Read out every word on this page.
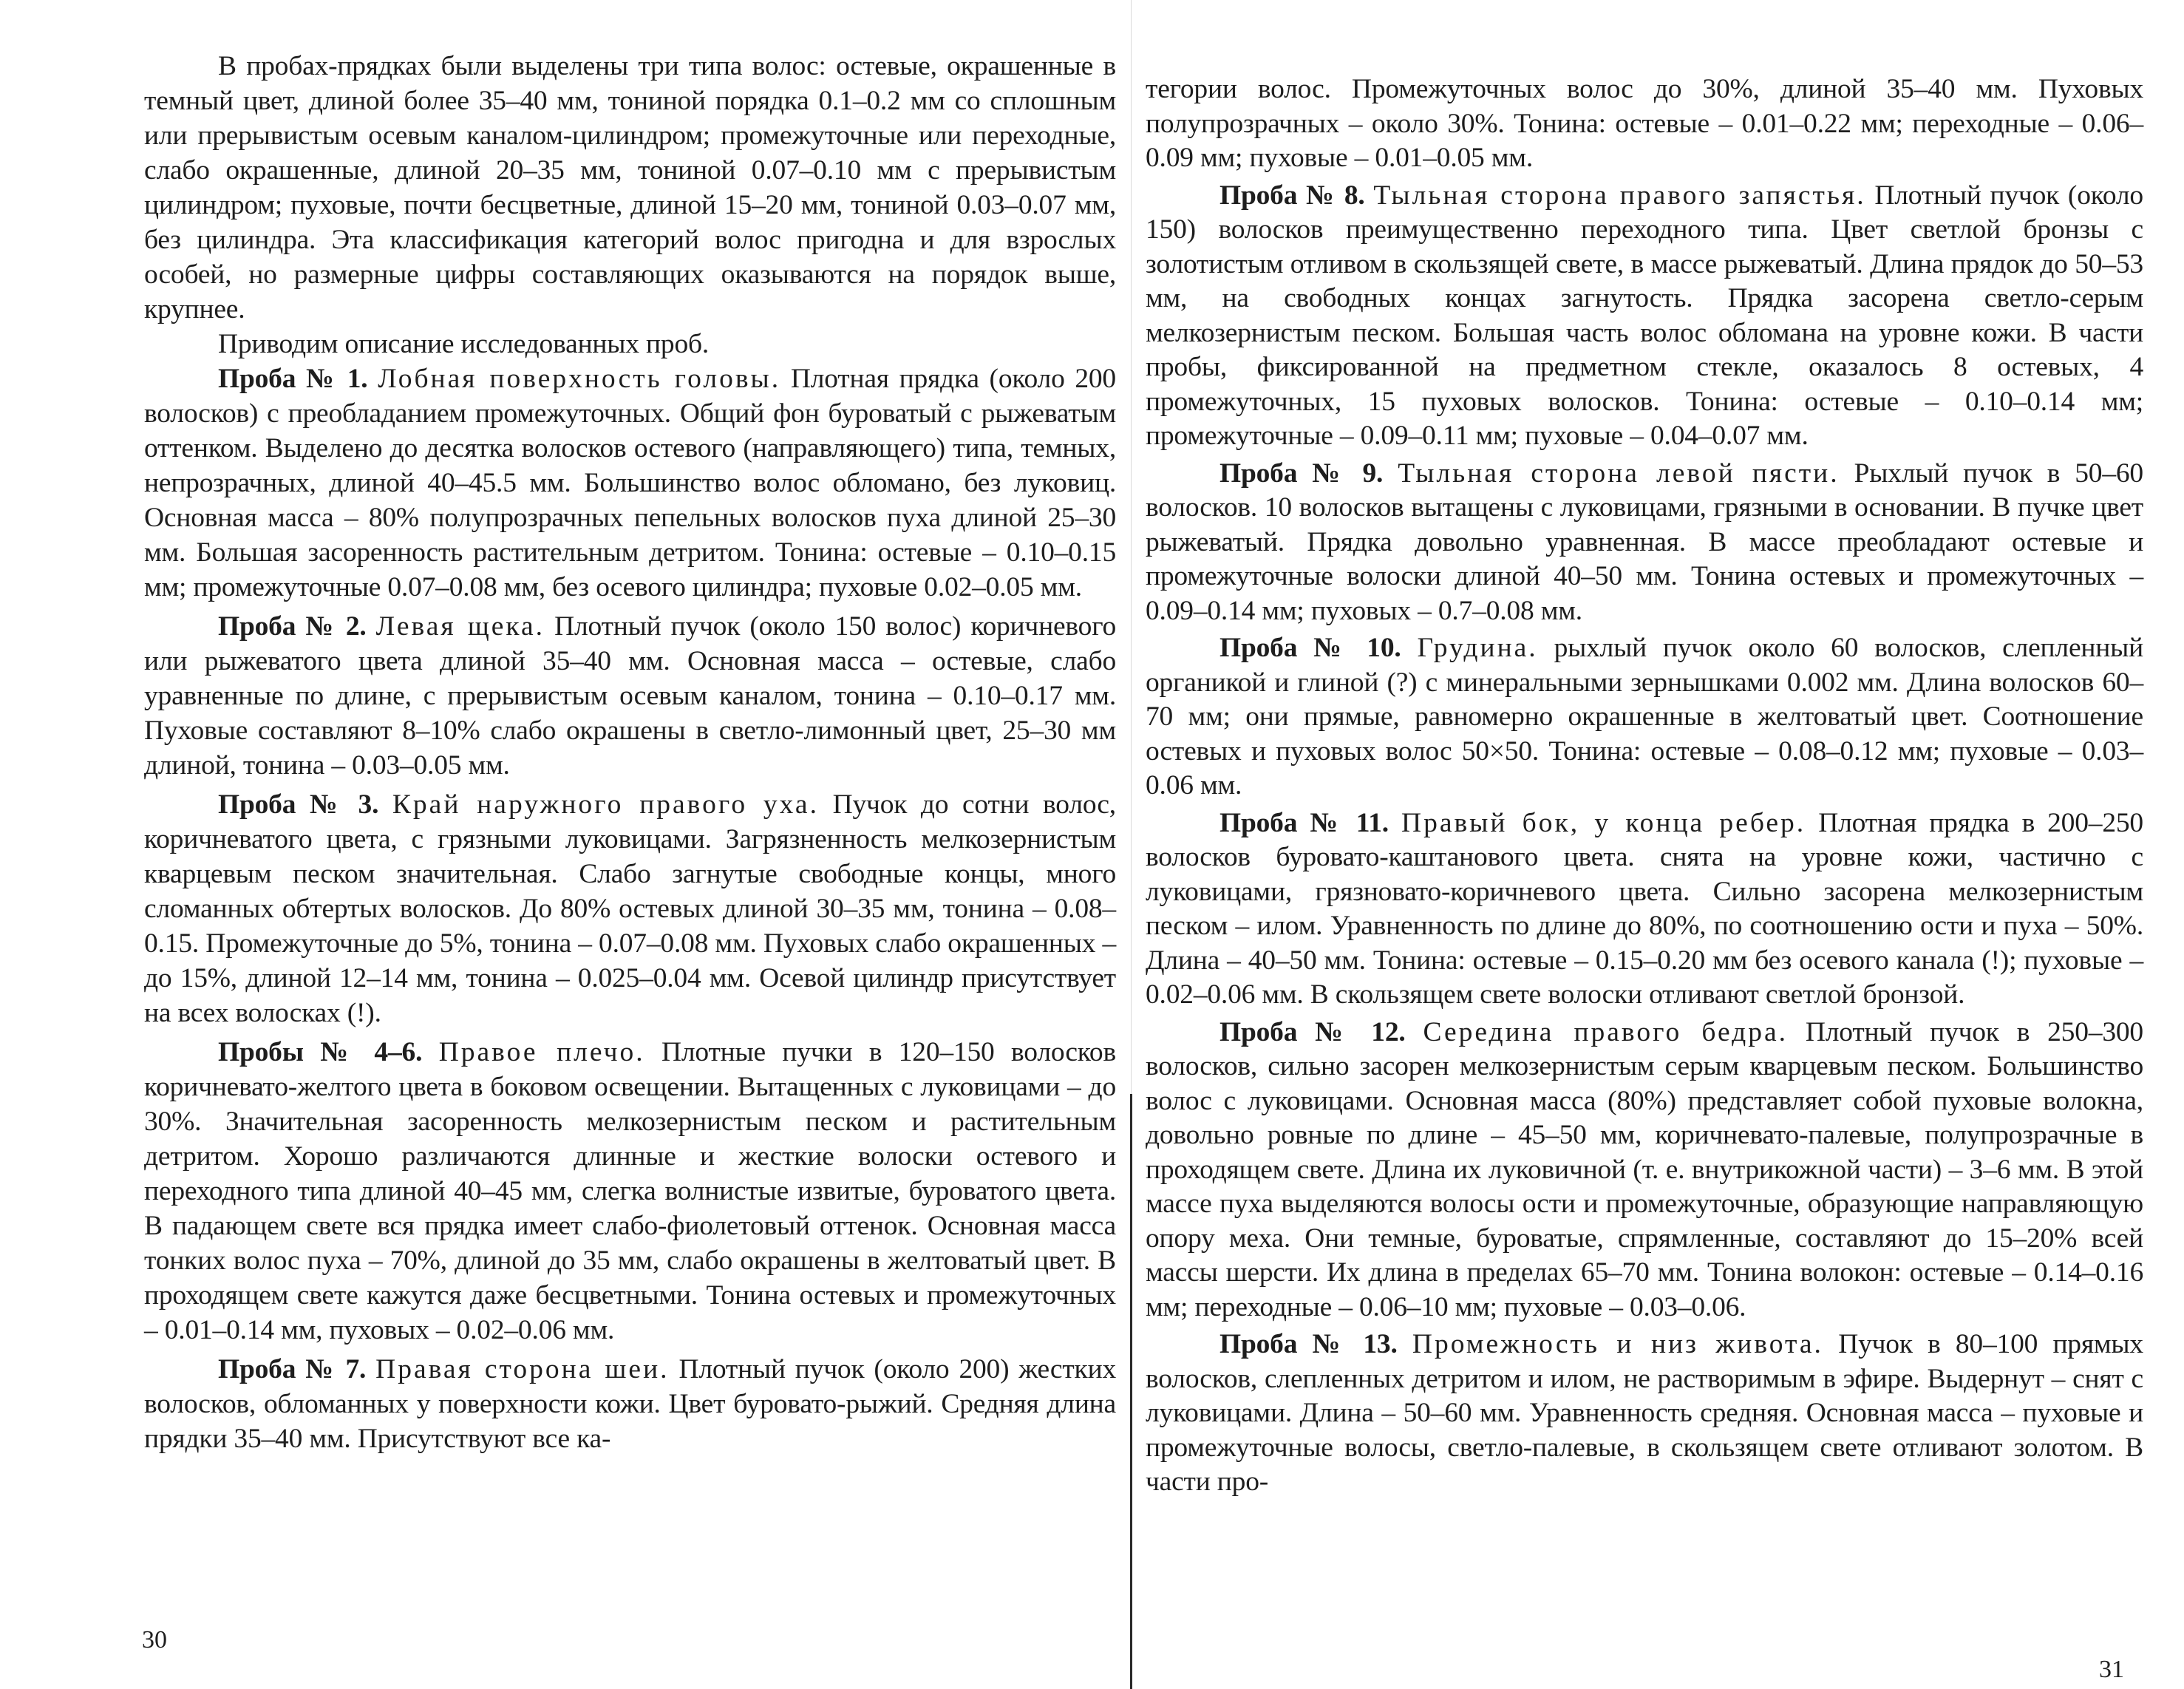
В пробах-прядках были выделены три типа волос: остевые, окрашенные в темный цвет, длиной более 35–40 мм, тониной порядка 0.1–0.2 мм со сплошным или прерывистым осевым каналом-цилиндром; промежуточные или переходные, слабо окрашенные, длиной 20–35 мм, тониной 0.07–0.10 мм с прерывистым цилиндром; пуховые, почти бесцветные, длиной 15–20 мм, тониной 0.03–0.07 мм, без цилиндра. Эта классификация категорий волос пригодна и для взрослых особей, но размерные цифры составляющих оказываются на порядок выше, крупнее.

Приводим описание исследованных проб.

Проба № 1. Лобная поверхность головы. Плотная прядка (около 200 волосков) с преобладанием промежуточных. Общий фон буроватый с рыжеватым оттенком. Выделено до десятка волосков остевого (направляющего) типа, темных, непрозрачных, длиной 40–45.5 мм. Большинство волос обломано, без луковиц. Основная масса – 80% полупрозрачных пепельных волосков пуха длиной 25–30 мм. Большая засоренность растительным детритом. Тонина: остевые – 0.10–0.15 мм; промежуточные 0.07–0.08 мм, без осевого цилиндра; пуховые 0.02–0.05 мм.

Проба № 2. Левая щека. Плотный пучок (около 150 волос) коричневого или рыжеватого цвета длиной 35–40 мм. Основная масса – остевые, слабо уравненные по длине, с прерывистым осевым каналом, тонина – 0.10–0.17 мм. Пуховые составляют 8–10% слабо окрашены в светло-лимонный цвет, 25–30 мм длиной, тонина – 0.03–0.05 мм.

Проба № 3. Край наружного правого уха. Пучок до сотни волос, коричневатого цвета, с грязными луковицами. Загрязненность мелкозернистым кварцевым песком значительная. Слабо загнутые свободные концы, много сломанных обтертых волосков. До 80% остевых длиной 30–35 мм, тонина – 0.08–0.15. Промежуточные до 5%, тонина – 0.07–0.08 мм. Пуховых слабо окрашенных – до 15%, длиной 12–14 мм, тонина – 0.025–0.04 мм. Осевой цилиндр присутствует на всех волосках (!).

Пробы № 4–6. Правое плечо. Плотные пучки в 120–150 волосков коричневато-желтого цвета в боковом освещении. Вытащенных с луковицами – до 30%. Значительная засоренность мелкозернистым песком и растительным детритом. Хорошо различаются длинные и жесткие волоски остевого и переходного типа длиной 40–45 мм, слегка волнистые извитые, буроватого цвета. В падающем свете вся прядка имеет слабо-фиолетовый оттенок. Основная масса тонких волос пуха – 70%, длиной до 35 мм, слабо окрашены в желтоватый цвет. В проходящем свете кажутся даже бесцветными. Тонина остевых и промежуточных – 0.01–0.14 мм, пуховых – 0.02–0.06 мм.

Проба № 7. Правая сторона шеи. Плотный пучок (около 200) жестких волосков, обломанных у поверхности кожи. Цвет буровато-рыжий. Средняя длина прядки 35–40 мм. Присутствуют все ка-

тегории волос. Промежуточных волос до 30%, длиной 35–40 мм. Пуховых полупрозрачных – около 30%. Тонина: остевые – 0.01–0.22 мм; переходные – 0.06–0.09 мм; пуховые – 0.01–0.05 мм.

Проба № 8. Тыльная сторона правого запястья. Плотный пучок (около 150) волосков преимущественно переходного типа. Цвет светлой бронзы с золотистым отливом в скользящей свете, в массе рыжеватый. Длина прядок до 50–53 мм, на свободных концах загнутость. Прядка засорена светло-серым мелкозернистым песком. Большая часть волос обломана на уровне кожи. В части пробы, фиксированной на предметном стекле, оказалось 8 остевых, 4 промежуточных, 15 пуховых волосков. Тонина: остевые – 0.10–0.14 мм; промежуточные – 0.09–0.11 мм; пуховые – 0.04–0.07 мм.

Проба № 9. Тыльная сторона левой пясти. Рыхлый пучок в 50–60 волосков. 10 волосков вытащены с луковицами, грязными в основании. В пучке цвет рыжеватый. Прядка довольно уравненная. В массе преобладают остевые и промежуточные волоски длиной 40–50 мм. Тонина остевых и промежуточных – 0.09–0.14 мм; пуховых – 0.7–0.08 мм.

Проба № 10. Грудина. рыхлый пучок около 60 волосков, слепленный органикой и глиной (?) с минеральными зернышками 0.002 мм. Длина волосков 60–70 мм; они прямые, равномерно окрашенные в желтоватый цвет. Соотношение остевых и пуховых волос 50×50. Тонина: остевые – 0.08–0.12 мм; пуховые – 0.03–0.06 мм.

Проба № 11. Правый бок, у конца ребер. Плотная прядка в 200–250 волосков буровато-каштанового цвета. снята на уровне кожи, частично с луковицами, грязновато-коричневого цвета. Сильно засорена мелкозернистым песком – илом. Уравненность по длине до 80%, по соотношению ости и пуха – 50%. Длина – 40–50 мм. Тонина: остевые – 0.15–0.20 мм без осевого канала (!); пуховые – 0.02–0.06 мм. В скользящем свете волоски отливают светлой бронзой.

Проба № 12. Середина правого бедра. Плотный пучок в 250–300 волосков, сильно засорен мелкозернистым серым кварцевым песком. Большинство волос с луковицами. Основная масса (80%) представляет собой пуховые волокна, довольно ровные по длине – 45–50 мм, коричневато-палевые, полупрозрачные в проходящем свете. Длина их луковичной (т. е. внутрикожной части) – 3–6 мм. В этой массе пуха выделяются волосы ости и промежуточные, образующие направляющую опору меха. Они темные, буроватые, спрямленные, составляют до 15–20% всей массы шерсти. Их длина в пределах 65–70 мм. Тонина волокон: остевые – 0.14–0.16 мм; переходные – 0.06–10 мм; пуховые – 0.03–0.06.

Проба № 13. Промежность и низ живота. Пучок в 80–100 прямых волосков, слепленных детритом и илом, не растворимым в эфире. Выдернут – снят с луковицами. Длина – 50–60 мм. Уравненность средняя. Основная масса – пуховые и промежуточные волосы, светло-палевые, в скользящем свете отливают золотом. В части про-

30
31
